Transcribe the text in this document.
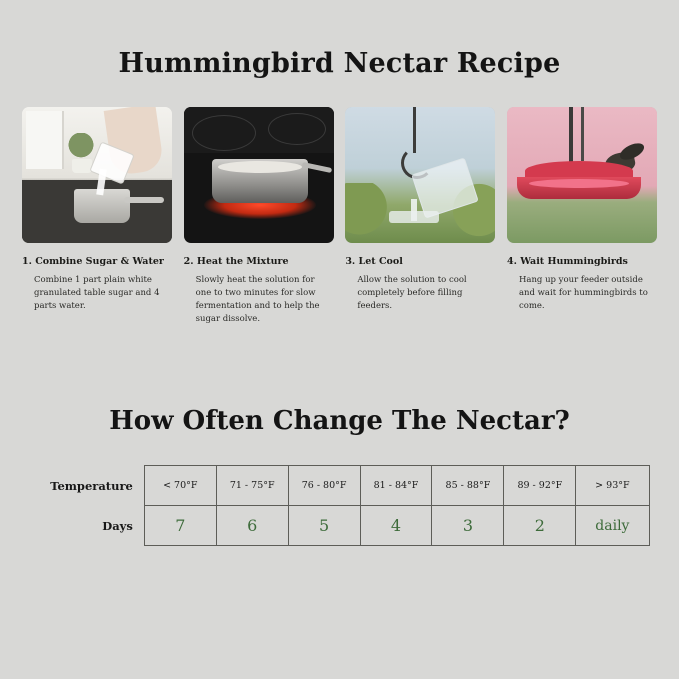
Hummingbird Nectar Recipe
1. Combine Sugar & Water
Combine 1 part plain white granulated table sugar and 4 parts water.
2. Heat the Mixture
Slowly heat the solution for one to two minutes for slow fermentation and to help the sugar dissolve.
3. Let Cool
Allow the solution to cool completely before filling feeders.
4. Wait Hummingbirds
Hang up your feeder outside and wait for hummingbirds to come.
How Often Change The Nectar?
Temperature	< 70°F	71 - 75°F	76 - 80°F	81 - 84°F	85 - 88°F	89 - 92°F	> 93°F
Days	7	6	5	4	3	2	daily
